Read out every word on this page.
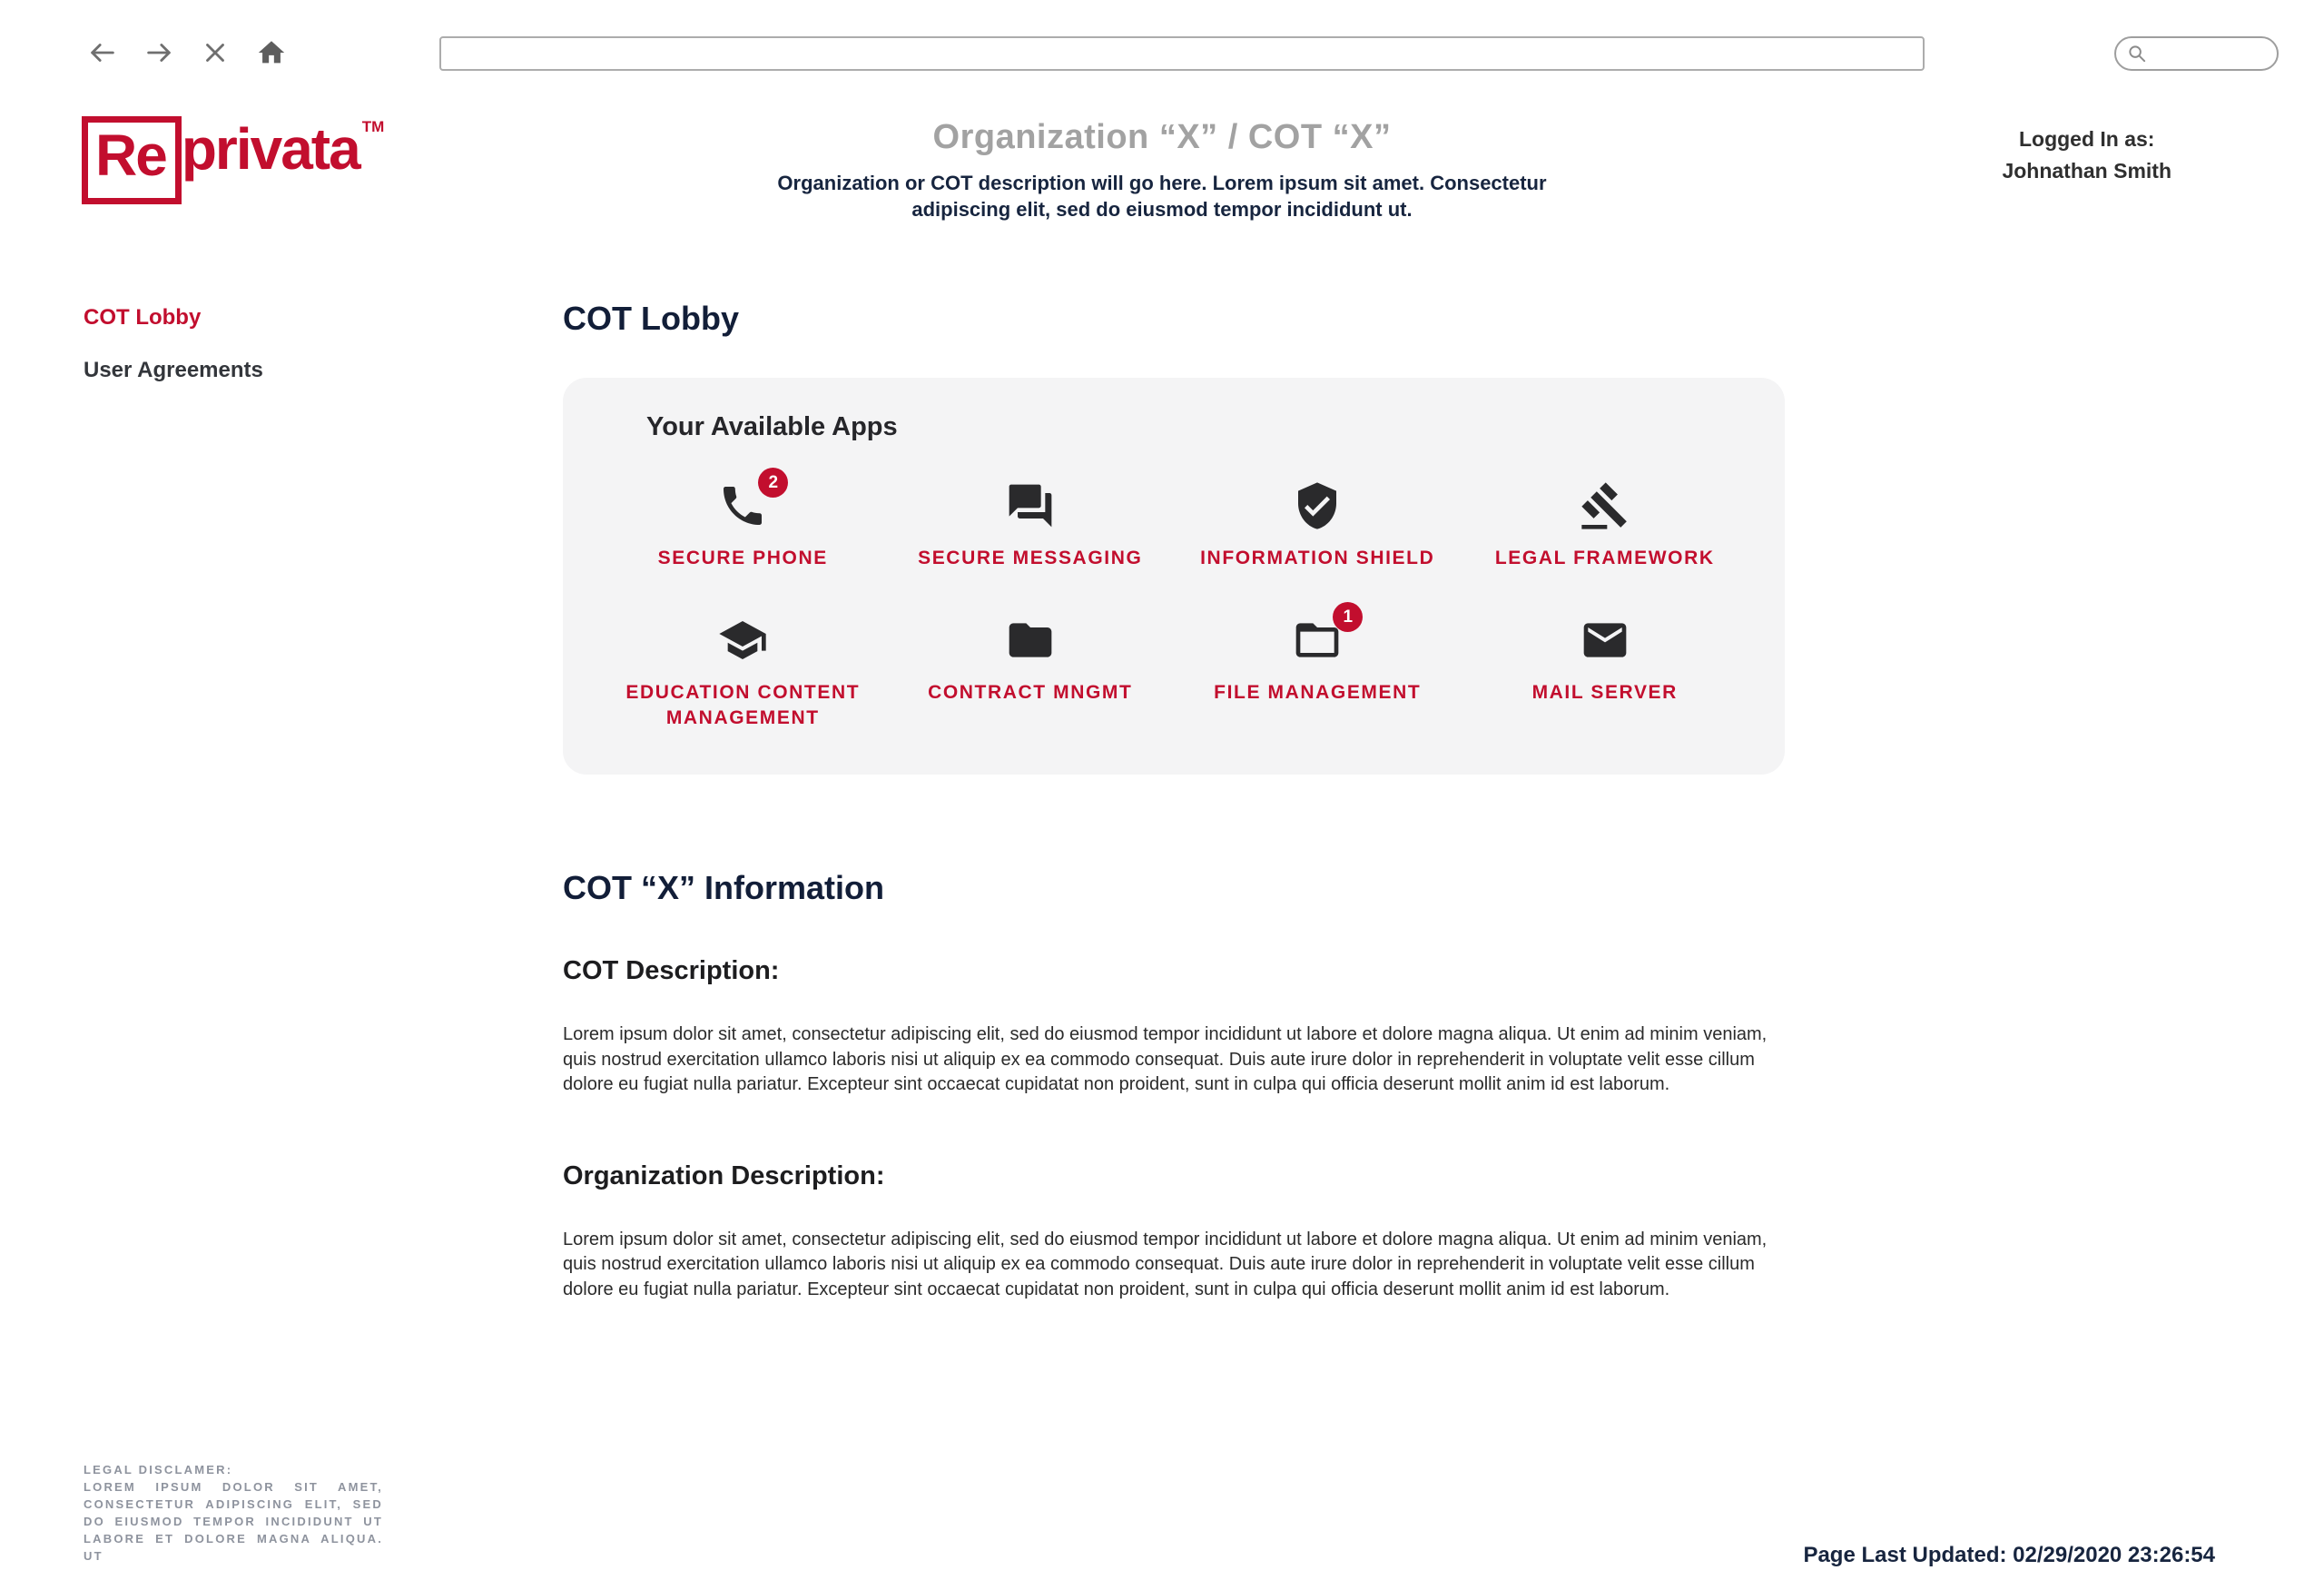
Re privata TM	Organization “X” / COT “X”
Organization or COT description will go here. Lorem ipsum sit amet. Consectetur adipiscing elit, sed do eiusmod tempor incididunt ut.
Logged In as:
Johnathan Smith
COT Lobby
User Agreements
COT Lobby
Your Available Apps
2
SECURE PHONE	SECURE MESSAGING	INFORMATION SHIELD	LEGAL FRAMEWORK
EDUCATION CONTENT MANAGEMENT
CONTRACT MNGMT
1
FILE MANAGEMENT	MAIL SERVER
COT “X” Information
COT Description:

Lorem ipsum dolor sit amet, consectetur adipiscing elit, sed do eiusmod tempor incididunt ut labore et dolore magna aliqua. Ut enim ad minim veniam, quis nostrud exercitation ullamco laboris nisi ut aliquip ex ea commodo consequat. Duis aute irure dolor in reprehenderit in voluptate velit esse cillum dolore eu fugiat nulla pariatur. Excepteur sint occaecat cupidatat non proident, sunt in culpa qui officia deserunt mollit anim id est laborum.

Organization Description:

Lorem ipsum dolor sit amet, consectetur adipiscing elit, sed do eiusmod tempor incididunt ut labore et dolore magna aliqua. Ut enim ad minim veniam, quis nostrud exercitation ullamco laboris nisi ut aliquip ex ea commodo consequat. Duis aute irure dolor in reprehenderit in voluptate velit esse cillum dolore eu fugiat nulla pariatur. Excepteur sint occaecat cupidatat non proident, sunt in culpa qui officia deserunt mollit anim id est laborum.

LEGAL DISCLAMER:
LOREM IPSUM DOLOR SIT AMET, CONSECTETUR ADIPISCING ELIT, SED DO EIUSMOD TEMPOR INCIDIDUNT UT LABORE ET DOLORE MAGNA ALIQUA. UT	Page Last Updated: 02/29/2020 23:26:54
